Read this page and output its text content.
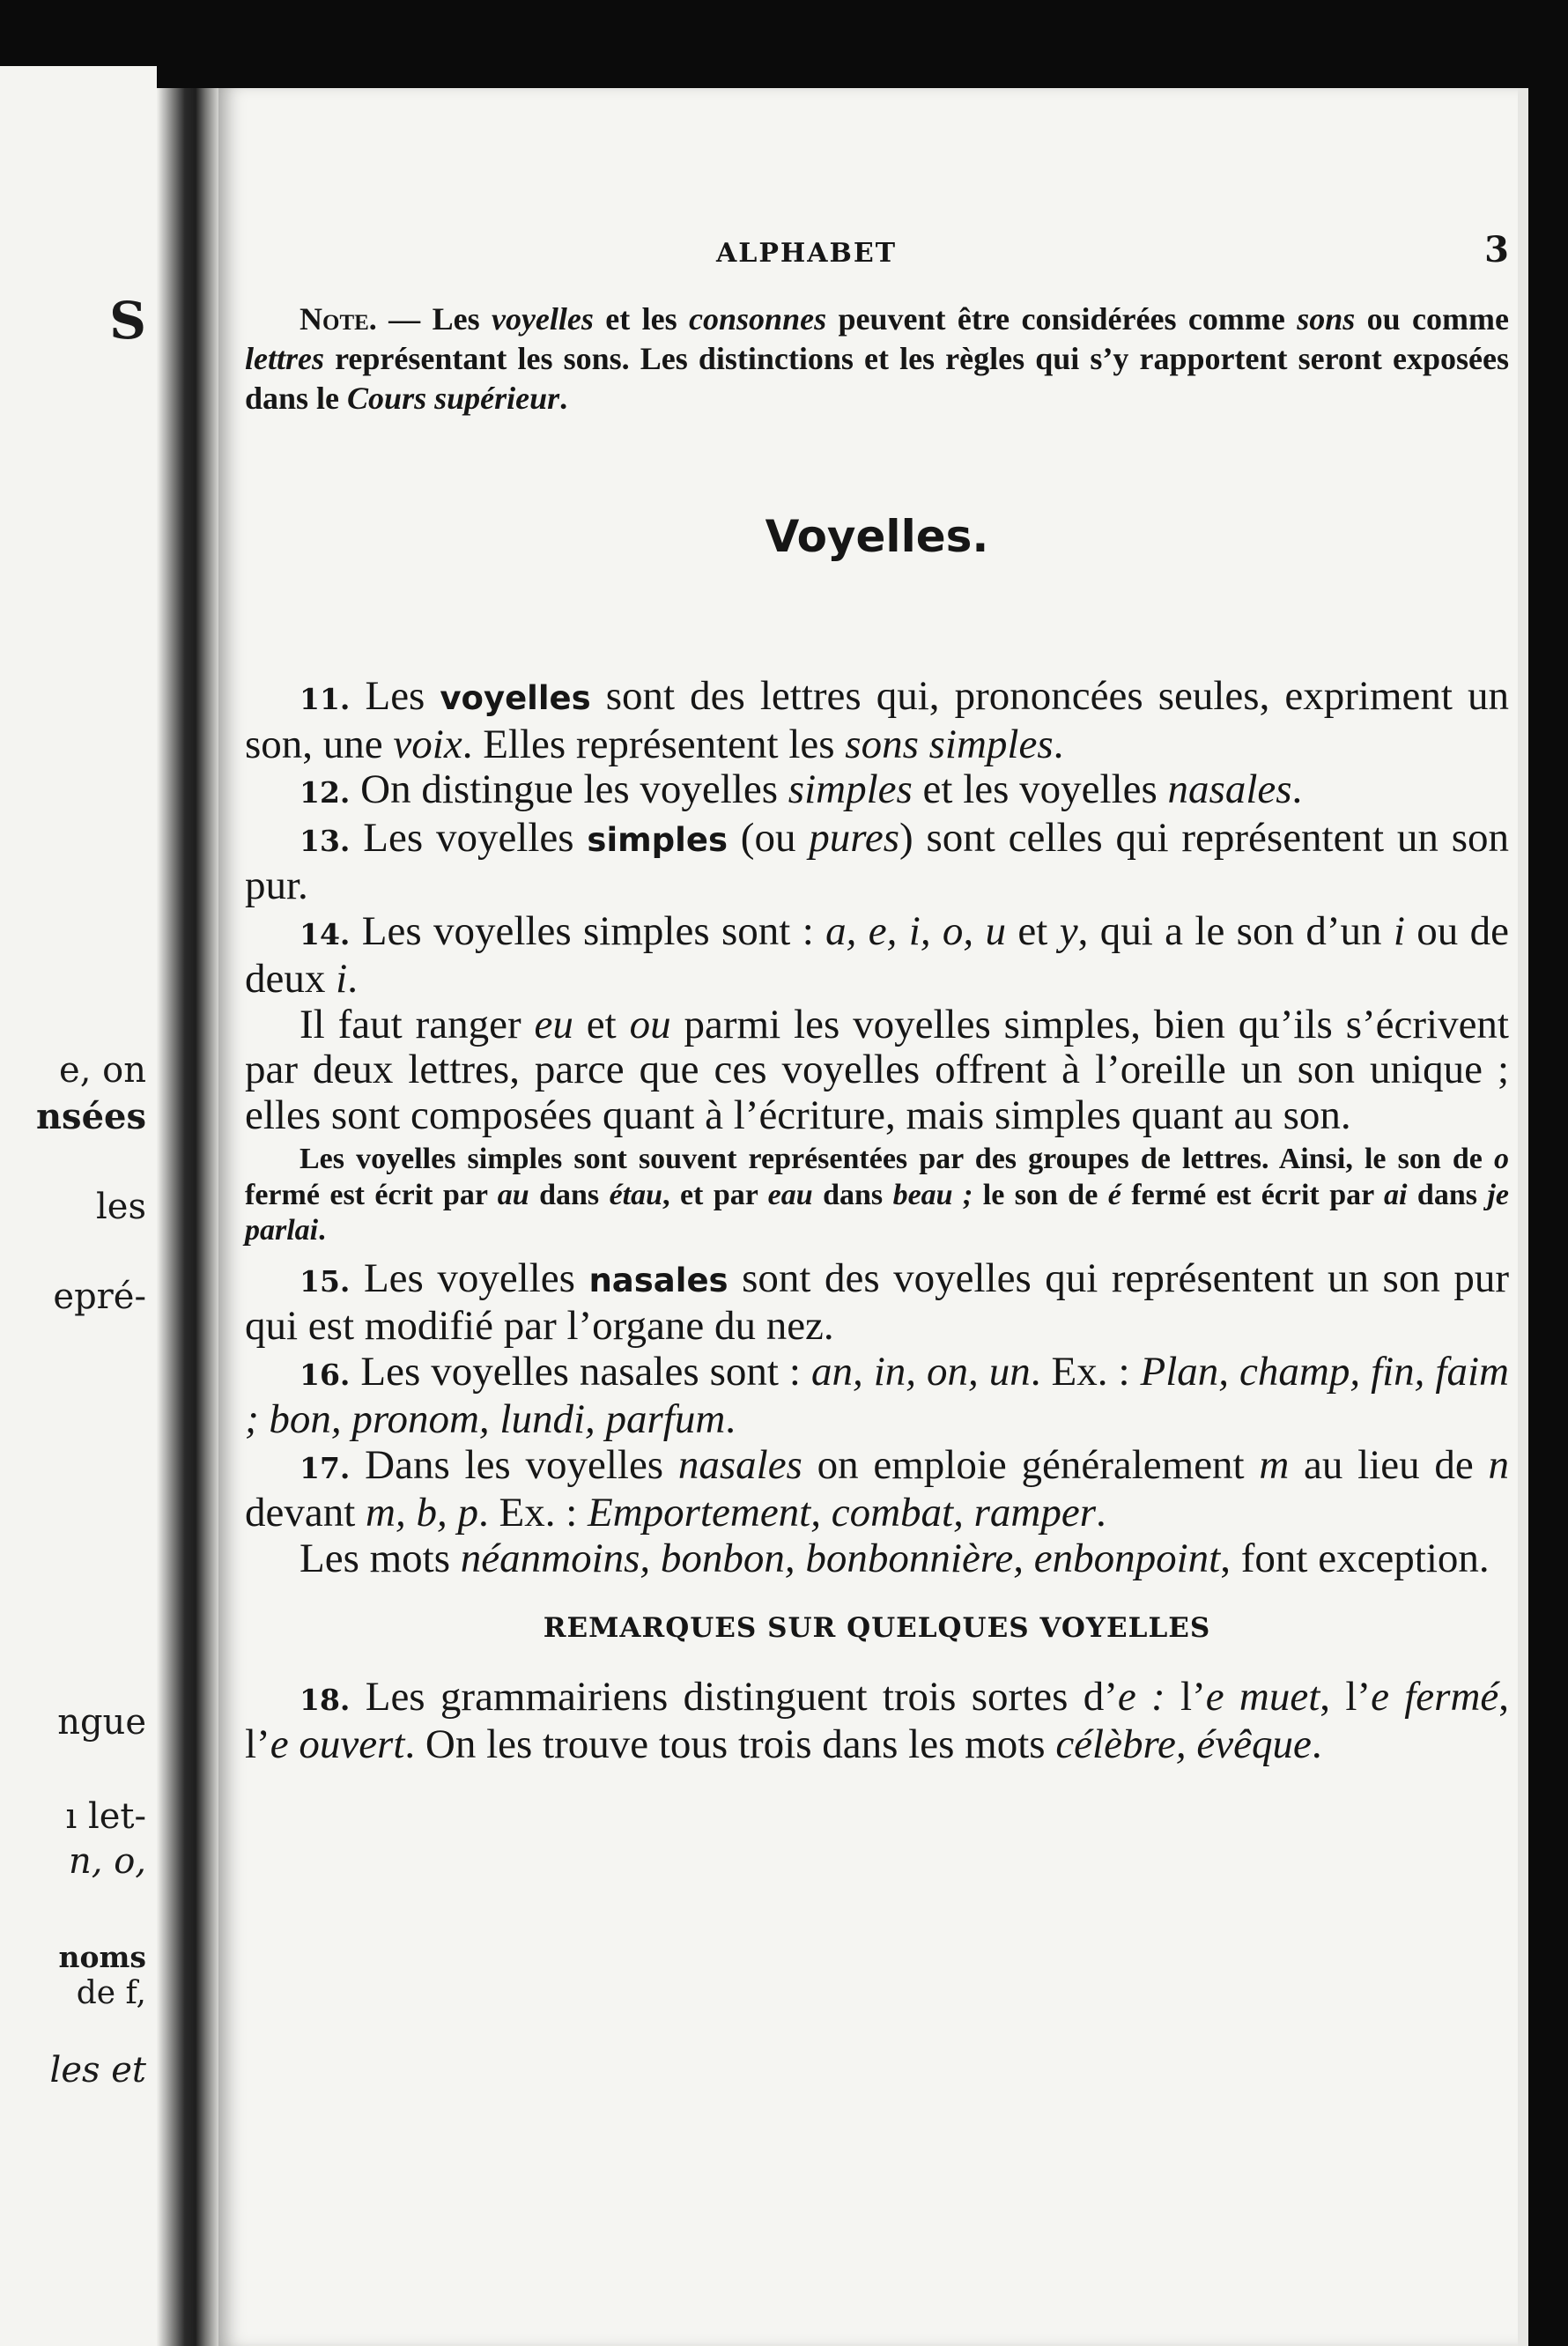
S
e, on
nsées
les
epré-
ngue
ı let-
n, o,
noms
de f,
les et
ALPHABET	3

Note. — Les voyelles et les consonnes peuvent être considérées comme sons ou comme lettres représentant les sons. Les distinctions et les règles qui s’y rapportent seront exposées dans le Cours supérieur.

Voyelles.

11. Les voyelles sont des lettres qui, prononcées seules, expriment un son, une voix. Elles représentent les sons simples.

12. On distingue les voyelles simples et les voyelles nasales.

13. Les voyelles simples (ou pures) sont celles qui représentent un son pur.

14. Les voyelles simples sont : a, e, i, o, u et y, qui a le son d’un i ou de deux i.

Il faut ranger eu et ou parmi les voyelles simples, bien qu’ils s’écrivent par deux lettres, parce que ces voyelles offrent à l’oreille un son unique ; elles sont composées quant à l’écriture, mais simples quant au son.

Les voyelles simples sont souvent représentées par des groupes de lettres. Ainsi, le son de o fermé est écrit par au dans étau, et par eau dans beau ; le son de é fermé est écrit par ai dans je parlai.

15. Les voyelles nasales sont des voyelles qui représentent un son pur qui est modifié par l’organe du nez.

16. Les voyelles nasales sont : an, in, on, un. Ex. : Plan, champ, fin, faim ; bon, pronom, lundi, parfum.

17. Dans les voyelles nasales on emploie généralement m au lieu de n devant m, b, p. Ex. : Emportement, combat, ramper.

Les mots néanmoins, bonbon, bonbonnière, enbonpoint, font exception.

REMARQUES SUR QUELQUES VOYELLES

18. Les grammairiens distinguent trois sortes d’e : l’e muet, l’e fermé, l’e ouvert. On les trouve tous trois dans les mots célèbre, évêque.
